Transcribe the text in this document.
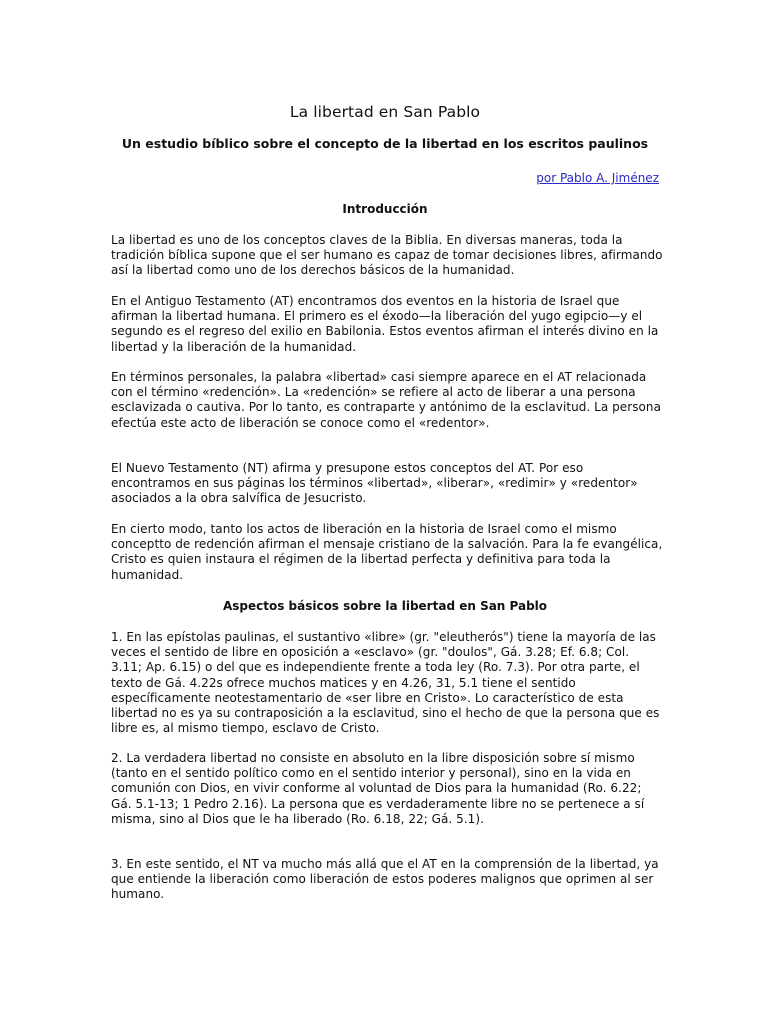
La libertad en San Pablo
Un estudio bíblico sobre el concepto de la libertad en los escritos paulinos
por Pablo A. Jiménez
Introducción

La libertad es uno de los conceptos claves de la Biblia. En diversas maneras, toda la tradición bíblica supone que el ser humano es capaz de tomar decisiones libres, afirmando así la libertad como uno de los derechos básicos de la humanidad.

En el Antiguo Testamento (AT) encontramos dos eventos en la historia de Israel que afirman la libertad humana. El primero es el éxodo—la liberación del yugo egipcio—y el segundo es el regreso del exilio en Babilonia. Estos eventos afirman el interés divino en la libertad y la liberación de la humanidad.

En términos personales, la palabra «libertad» casi siempre aparece en el AT relacionada con el término «redención». La «redención» se refiere al acto de liberar a una persona esclavizada o cautiva. Por lo tanto, es contraparte y antónimo de la esclavitud. La persona efectúa este acto de liberación se conoce como el «redentor».

El Nuevo Testamento (NT) afirma y presupone estos conceptos del AT. Por eso encontramos en sus páginas los términos «libertad», «liberar», «redimir» y «redentor» asociados a la obra salvífica de Jesucristo.

En cierto modo, tanto los actos de liberación en la historia de Israel como el mismo conceptto de redención afirman el mensaje cristiano de la salvación. Para la fe evangélica, Cristo es quien instaura el régimen de la libertad perfecta y definitiva para toda la humanidad.

Aspectos básicos sobre la libertad en San Pablo

1. En las epístolas paulinas, el sustantivo «libre» (gr. "eleutherós") tiene la mayoría de las veces el sentido de libre en oposición a «esclavo» (gr. "doulos", Gá. 3.28; Ef. 6.8; Col. 3.11; Ap. 6.15) o del que es independiente frente a toda ley (Ro. 7.3). Por otra parte, el texto de Gá. 4.22s ofrece muchos matices y en 4.26, 31, 5.1 tiene el sentido específicamente neotestamentario de «ser libre en Cristo». Lo característico de esta libertad no es ya su contraposición a la esclavitud, sino el hecho de que la persona que es libre es, al mismo tiempo, esclavo de Cristo.

2. La verdadera libertad no consiste en absoluto en la libre disposición sobre sí mismo (tanto en el sentido político como en el sentido interior y personal), sino en la vida en comunión con Dios, en vivir conforme al voluntad de Dios para la humanidad (Ro. 6.22; Gá. 5.1-13; 1 Pedro 2.16). La persona que es verdaderamente libre no se pertenece a sí misma, sino al Dios que le ha liberado (Ro. 6.18, 22; Gá. 5.1).

3. En este sentido, el NT va mucho más allá que el AT en la comprensión de la libertad, ya que entiende la liberación como liberación de estos poderes malignos que oprimen al ser humano.
